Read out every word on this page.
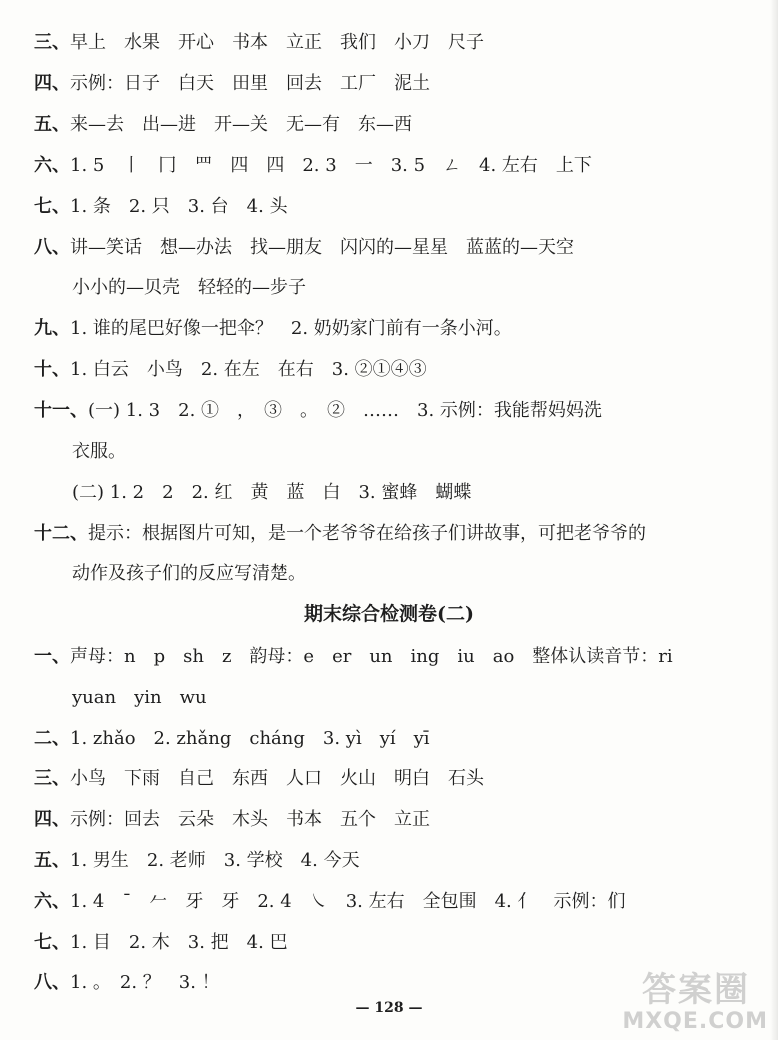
三、早上　水果　开心　书本　立正　我们　小刀　尺子
四、示例：日子　白天　田里　回去　工厂　泥土
五、来—去　出—进　开—关　无—有　东—西
六、1. 5　丨　冂　罒　四　四　2. 3　一　3. 5　ㄥ　4. 左右　上下
七、1. 条　2. 只　3. 台　4. 头
八、讲—笑话　想—办法　找—朋友　闪闪的—星星　蓝蓝的—天空
小小的—贝壳　轻轻的—步子
九、1. 谁的尾巴好像一把伞？　2. 奶奶家门前有一条小河。
十、1. 白云　小鸟　2. 在左　在右　3. ②①④③
十一、(一) 1. 3　2. ①　，　③　。　②　……　3. 示例：我能帮妈妈洗
衣服。
(二) 1. 2　2　2. 红　黄　蓝　白　3. 蜜蜂　蝴蝶
十二、提示：根据图片可知，是一个老爷爷在给孩子们讲故事，可把老爷爷的
动作及孩子们的反应写清楚。
期末综合检测卷(二)
一、声母：n　p　sh　z　韵母：e　er　un　ing　iu　ao　整体认读音节：ri
yuan　yin　wu
二、1. zhǎo　2. zhǎng　cháng　3. yì　yí　yī
三、小鸟　下雨　自己　东西　人口　火山　明白　石头
四、示例：回去　云朵　木头　书本　五个　立正
五、1. 男生　2. 老师　3. 学校　4. 今天
六、1. 4　ˉ　𠂉　牙　牙　2. 4　㇏　3. 左右　全包围　4. 亻　示例：们
七、1. 目　2. 木　3. 把　4. 巴
八、1. 。　2. ？　3. ！
— 128 —	答案圈
MXQE.COM
